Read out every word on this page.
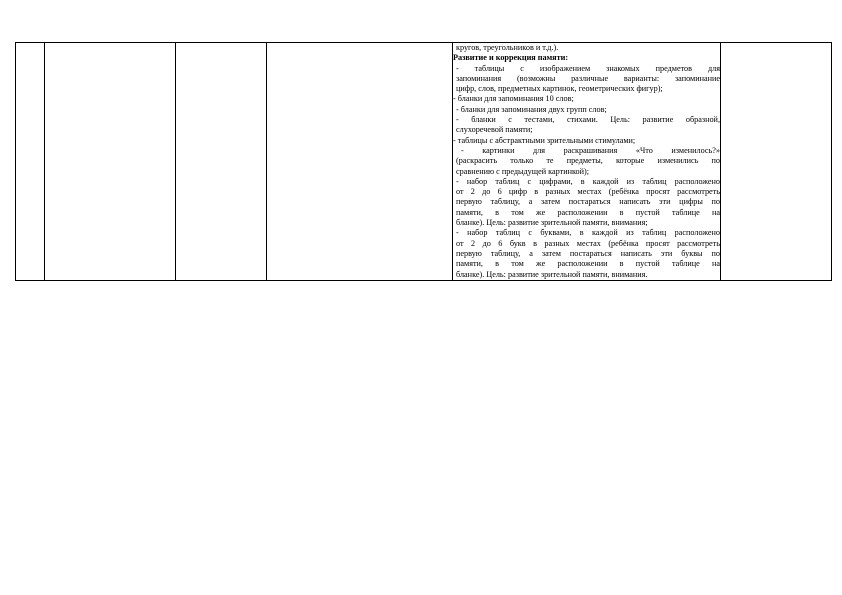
кругов, треугольников и т.д.).
Развитие и коррекция памяти:
- таблицы с изображением знакомых предметов для
запоминания (возможны различные варианты: запоминание
цифр, слов, предметных картинок, геометрических фигур);
- бланки для запоминания 10 слов;
- бланки для запоминания двух групп слов;
- бланки с тестами, стихами. Цель: развитие образной,
слухоречевой памяти;
- таблицы с абстрактными зрительными стимулами;
- картинки для раскрашивания «Что изменилось?»
(раскрасить только те предметы, которые изменились по
сравнению с предыдущей картинкой);
- набор таблиц с цифрами, в каждой из таблиц расположено
от 2 до 6 цифр в разных местах (ребёнка просят рассмотреть
первую таблицу, а затем постараться написать эти цифры по
памяти, в том же расположении в пустой таблице на
бланке). Цель: развитие зрительной памяти, внимания;
- набор таблиц с буквами, в каждой из таблиц расположено
от 2 до 6 букв в разных местах (ребёнка просят рассмотреть
первую таблицу, а затем постараться написать эти буквы по
памяти, в том же расположении в пустой таблице на
бланке). Цель: развитие зрительной памяти, внимания.
